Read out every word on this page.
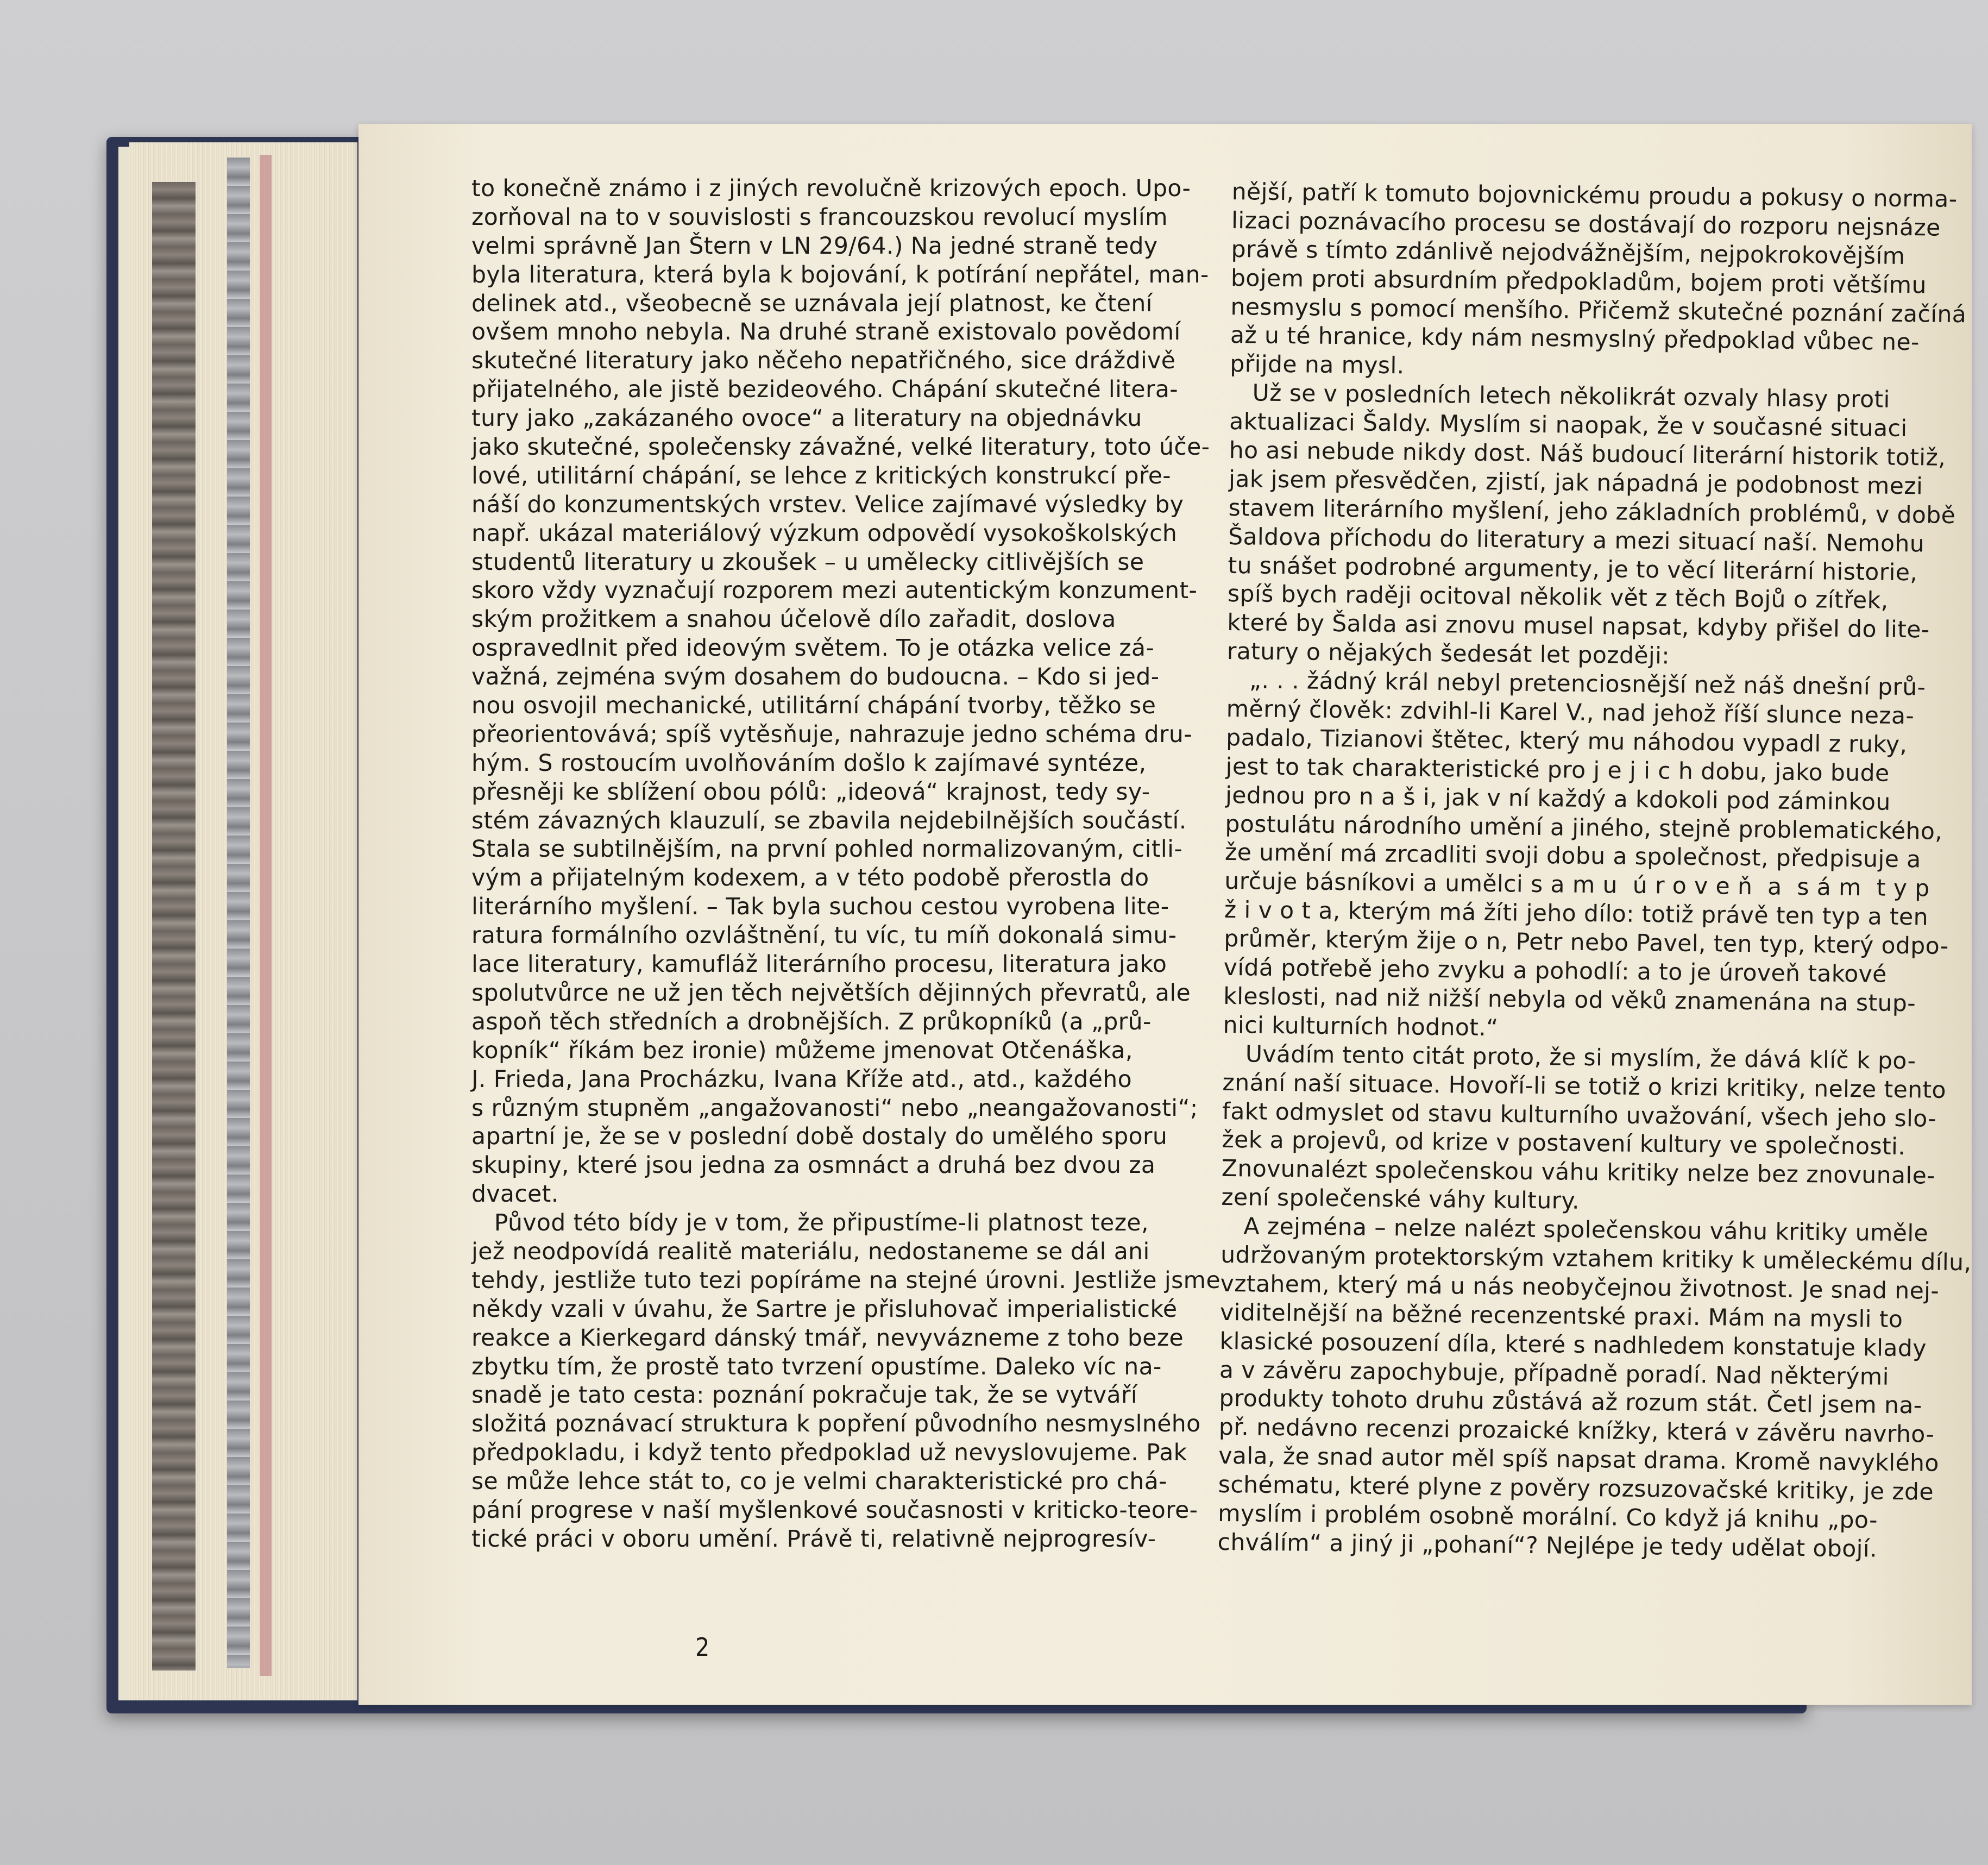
to konečně známo i z jiných revolučně krizových epoch. Upo-
zorňoval na to v souvislosti s francouzskou revolucí myslím
velmi správně Jan Štern v LN 29/64.) Na jedné straně tedy
byla literatura, která byla k bojování, k potírání nepřátel, man-
delinek atd., všeobecně se uznávala její platnost, ke čtení
ovšem mnoho nebyla. Na druhé straně existovalo povědomí
skutečné literatury jako něčeho nepatřičného, sice dráždivě
přijatelného, ale jistě bezideového. Chápání skutečné litera-
tury jako „zakázaného ovoce“ a literatury na objednávku
jako skutečné, společensky závažné, velké literatury, toto úče-
lové, utilitární chápání, se lehce z kritických konstrukcí pře-
náší do konzumentských vrstev. Velice zajímavé výsledky by
např. ukázal materiálový výzkum odpovědí vysokoškolských
studentů literatury u zkoušek – u umělecky citlivějších se
skoro vždy vyznačují rozporem mezi autentickým konzument-
ským prožitkem a snahou účelově dílo zařadit, doslova
ospravedlnit před ideovým světem. To je otázka velice zá-
važná, zejména svým dosahem do budoucna. – Kdo si jed-
nou osvojil mechanické, utilitární chápání tvorby, těžko se
přeorientovává; spíš vytěsňuje, nahrazuje jedno schéma dru-
hým. S rostoucím uvolňováním došlo k zajímavé syntéze,
přesněji ke sblížení obou pólů: „ideová“ krajnost, tedy sy-
stém závazných klauzulí, se zbavila nejdebilnějších součástí.
Stala se subtilnějším, na první pohled normalizovaným, citli-
vým a přijatelným kodexem, a v této podobě přerostla do
literárního myšlení. – Tak byla suchou cestou vyrobena lite-
ratura formálního ozvláštnění, tu víc, tu míň dokonalá simu-
lace literatury, kamufláž literárního procesu, literatura jako
spolutvůrce ne už jen těch největších dějinných převratů, ale
aspoň těch středních a drobnějších. Z průkopníků (a „prů-
kopník“ říkám bez ironie) můžeme jmenovat Otčenáška,
J. Frieda, Jana Procházku, Ivana Kříže atd., atd., každého
s různým stupněm „angažovanosti“ nebo „neangažovanosti“;
apartní je, že se v poslední době dostaly do umělého sporu
skupiny, které jsou jedna za osmnáct a druhá bez dvou za
dvacet.
Původ této bídy je v tom, že připustíme-li platnost teze,
jež neodpovídá realitě materiálu, nedostaneme se dál ani
tehdy, jestliže tuto tezi popíráme na stejné úrovni. Jestliže jsme
někdy vzali v úvahu, že Sartre je přisluhovač imperialistické
reakce a Kierkegard dánský tmář, nevyvázneme z toho beze
zbytku tím, že prostě tato tvrzení opustíme. Daleko víc na-
snadě je tato cesta: poznání pokračuje tak, že se vytváří
složitá poznávací struktura k popření původního nesmyslného
předpokladu, i když tento předpoklad už nevyslovujeme. Pak
se může lehce stát to, co je velmi charakteristické pro chá-
pání progrese v naší myšlenkové současnosti v kriticko-teore-
tické práci v oboru umění. Právě ti, relativně nejprogresív-
nější, patří k tomuto bojovnickému proudu a pokusy o norma-
lizaci poznávacího procesu se dostávají do rozporu nejsnáze
právě s tímto zdánlivě nejodvážnějším, nejpokrokovějším
bojem proti absurdním předpokladům, bojem proti většímu
nesmyslu s pomocí menšího. Přičemž skutečné poznání začíná
až u té hranice, kdy nám nesmyslný předpoklad vůbec ne-
přijde na mysl.
Už se v posledních letech několikrát ozvaly hlasy proti
aktualizaci Šaldy. Myslím si naopak, že v současné situaci
ho asi nebude nikdy dost. Náš budoucí literární historik totiž,
jak jsem přesvědčen, zjistí, jak nápadná je podobnost mezi
stavem literárního myšlení, jeho základních problémů, v době
Šaldova příchodu do literatury a mezi situací naší. Nemohu
tu snášet podrobné argumenty, je to věcí literární historie,
spíš bych raději ocitoval několik vět z těch Bojů o zítřek,
které by Šalda asi znovu musel napsat, kdyby přišel do lite-
ratury o nějakých šedesát let později:
„. . . žádný král nebyl pretenciosnější než náš dnešní prů-
měrný člověk: zdvihl-li Karel V., nad jehož říší slunce neza-
padalo, Tizianovi štětec, který mu náhodou vypadl z ruky,
jest to tak charakteristické pro j e j i c h dobu, jako bude
jednou pro n a š i, jak v ní každý a kdokoli pod záminkou
postulátu národního umění a jiného, stejně problematického,
že umění má zrcadliti svoji dobu a společnost, předpisuje a
určuje básníkovi a umělci s a m u  ú r o v e ň  a  s á m  t y p
ž i v o t a, kterým má žíti jeho dílo: totiž právě ten typ a ten
průměr, kterým žije o n, Petr nebo Pavel, ten typ, který odpo-
vídá potřebě jeho zvyku a pohodlí: a to je úroveň takové
kleslosti, nad niž nižší nebyla od věků znamenána na stup-
nici kulturních hodnot.“
Uvádím tento citát proto, že si myslím, že dává klíč k po-
znání naší situace. Hovoří-li se totiž o krizi kritiky, nelze tento
fakt odmyslet od stavu kulturního uvažování, všech jeho slo-
žek a projevů, od krize v postavení kultury ve společnosti.
Znovunalézt společenskou váhu kritiky nelze bez znovunale-
zení společenské váhy kultury.
A zejména – nelze nalézt společenskou váhu kritiky uměle
udržovaným protektorským vztahem kritiky k uměleckému dílu,
vztahem, který má u nás neobyčejnou životnost. Je snad nej-
viditelnější na běžné recenzentské praxi. Mám na mysli to
klasické posouzení díla, které s nadhledem konstatuje klady
a v závěru zapochybuje, případně poradí. Nad některými
produkty tohoto druhu zůstává až rozum stát. Četl jsem na-
př. nedávno recenzi prozaické knížky, která v závěru navrho-
vala, že snad autor měl spíš napsat drama. Kromě navyklého
schématu, které plyne z pověry rozsuzovačské kritiky, je zde
myslím i problém osobně morální. Co když já knihu „po-
chválím“ a jiný ji „pohaní“? Nejlépe je tedy udělat obojí.
2
